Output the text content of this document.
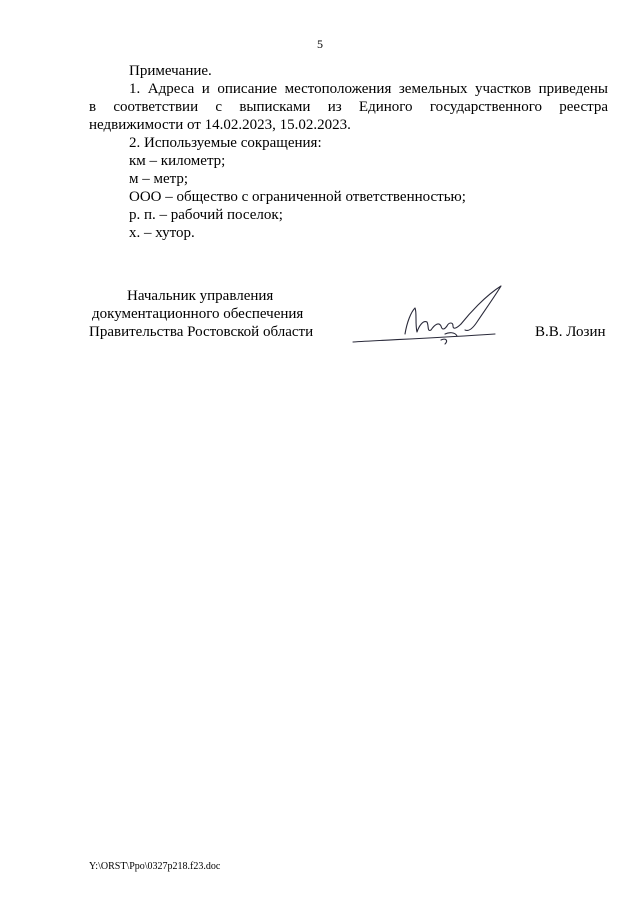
5
Примечание.
1. Адреса и описание местоположения земельных участков приведены
в соответствии с выписками из Единого государственного реестра
недвижимости от 14.02.2023, 15.02.2023.
2. Используемые сокращения:
км – километр;
м – метр;
ООО – общество с ограниченной ответственностью;
р. п. – рабочий поселок;
х. – хутор.
Начальник управления
документационного обеспечения
Правительства Ростовской области	В.В. Лозин
Y:\ORST\Ppo\0327p218.f23.doc
